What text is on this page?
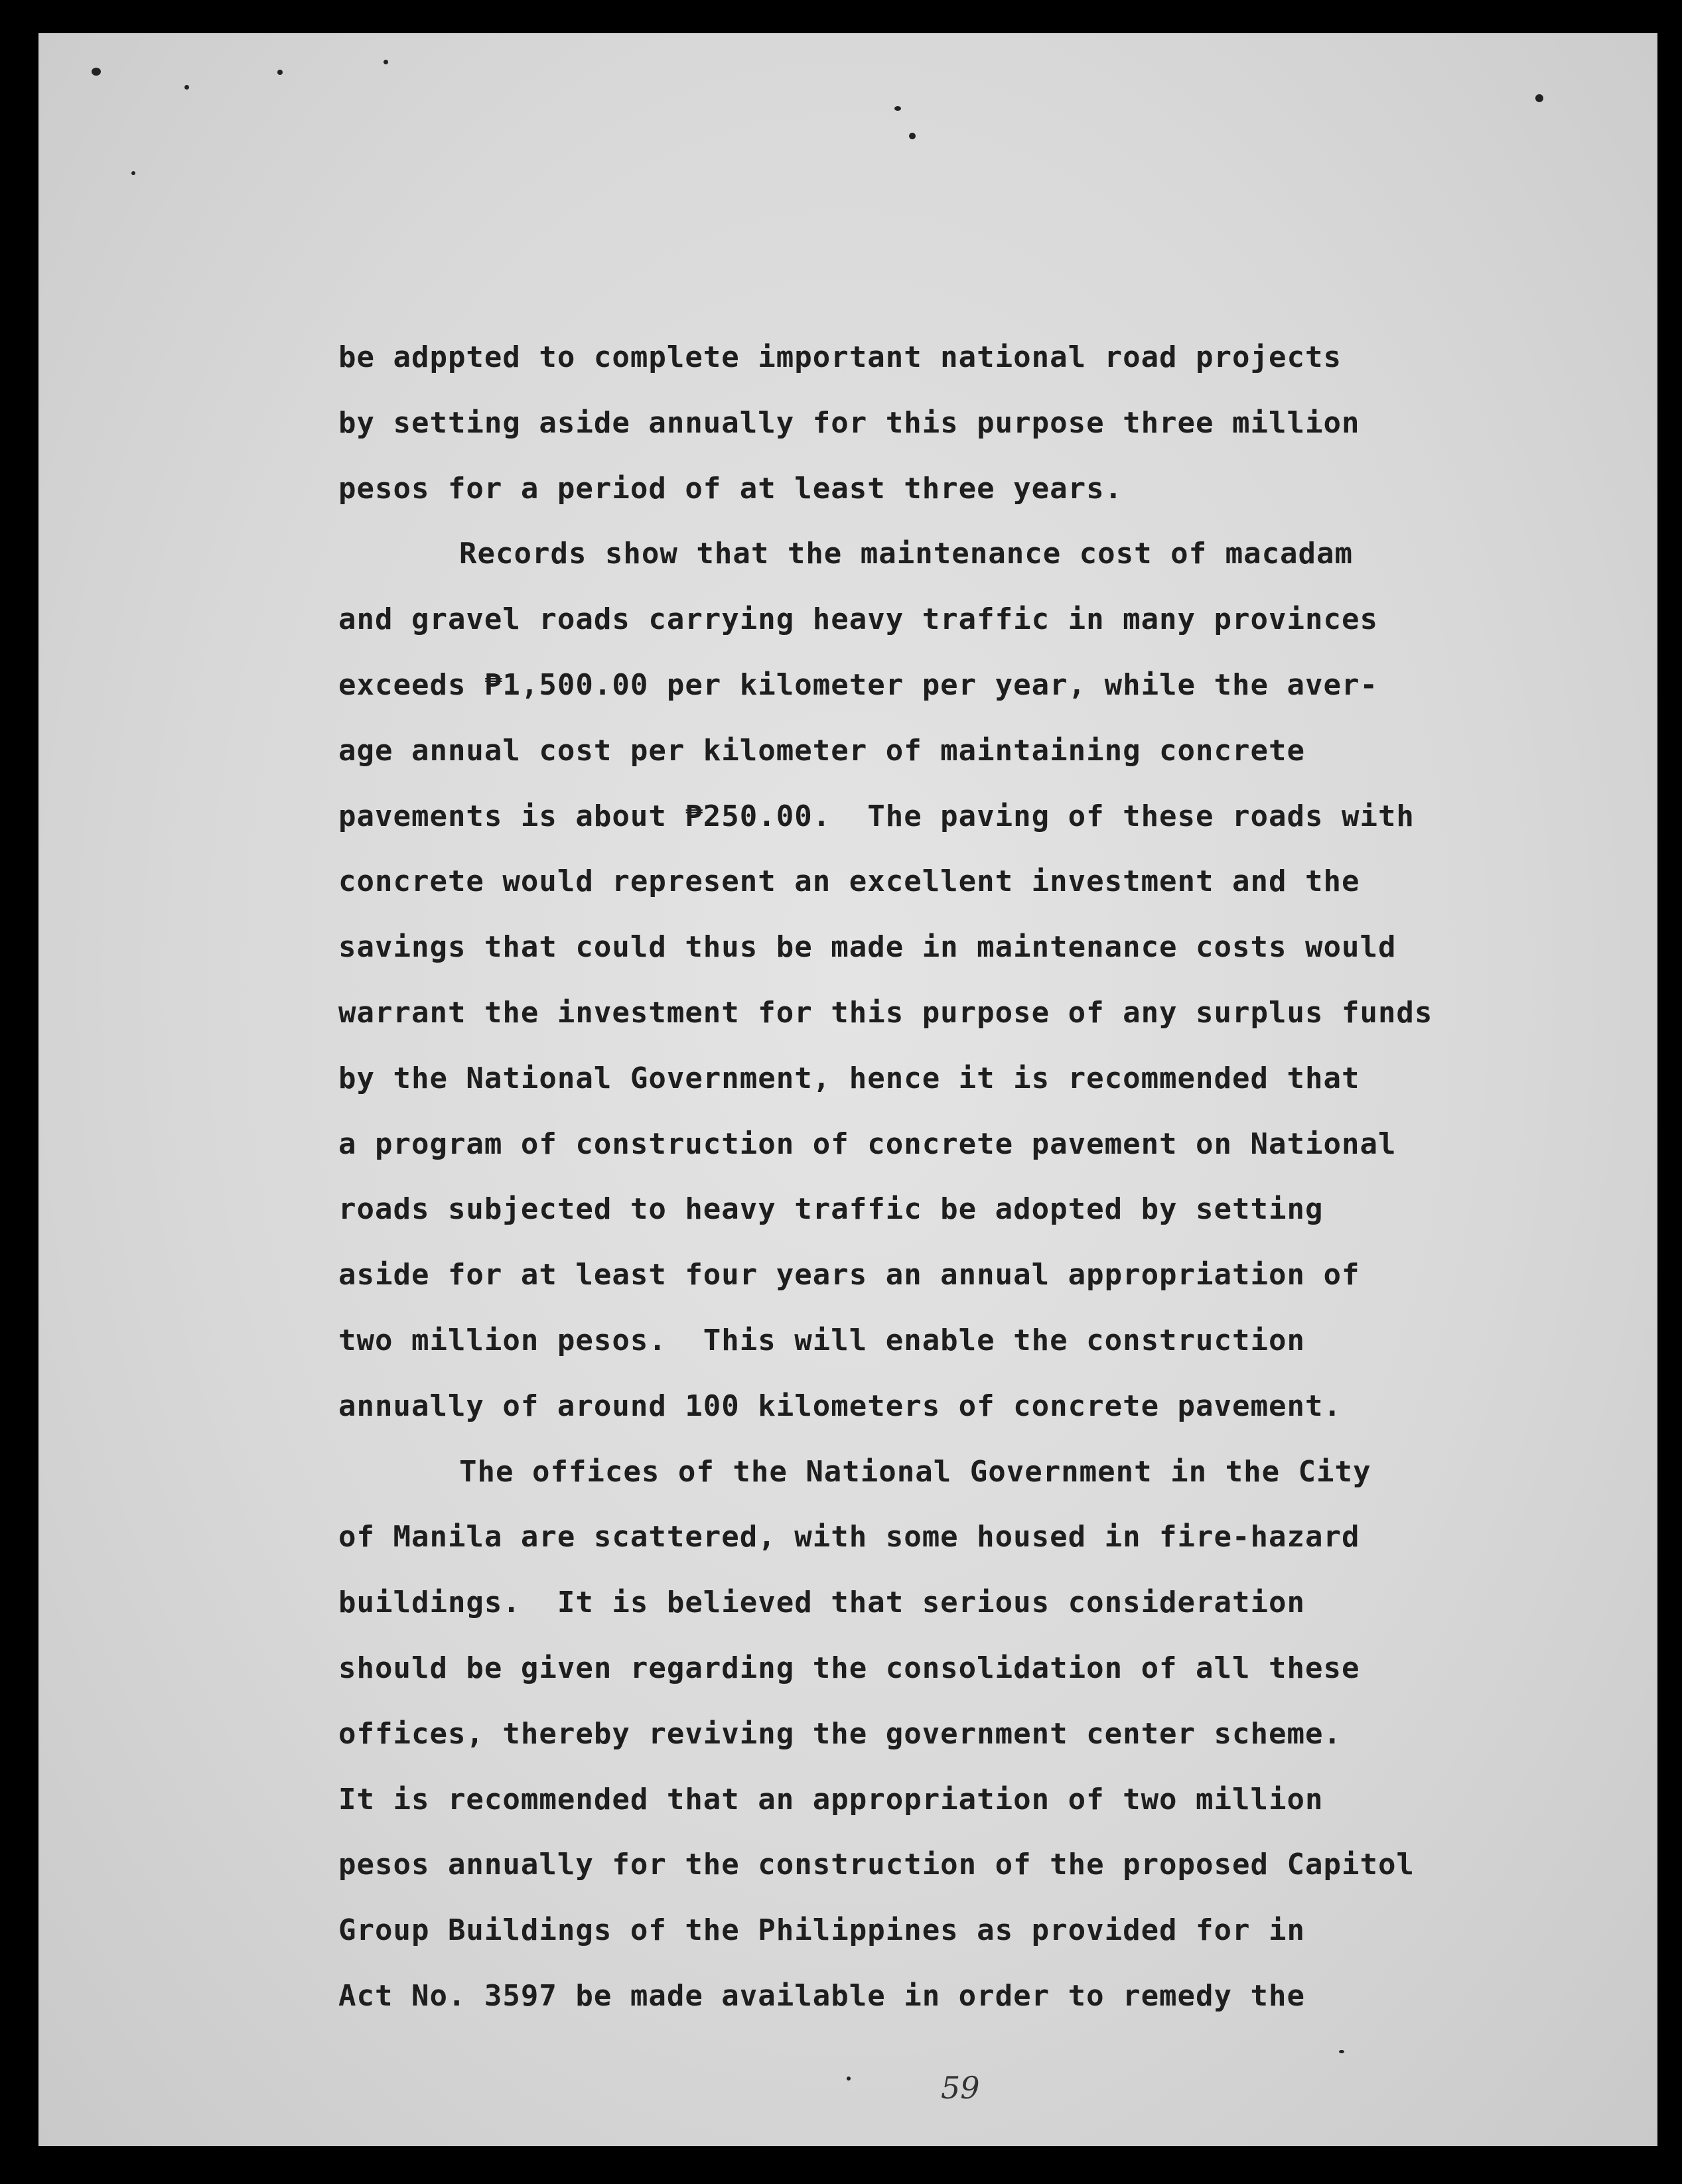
be adppted to complete important national road projects
by setting aside annually for this purpose three million
pesos for a period of at least three years.
Records show that the maintenance cost of macadam
and gravel roads carrying heavy traffic in many provinces
exceeds ₱1,500.00 per kilometer per year, while the aver-
age annual cost per kilometer of maintaining concrete
pavements is about ₱250.00.  The paving of these roads with
concrete would represent an excellent investment and the
savings that could thus be made in maintenance costs would
warrant the investment for this purpose of any surplus funds
by the National Government, hence it is recommended that
a program of construction of concrete pavement on National
roads subjected to heavy traffic be adopted by setting
aside for at least four years an annual appropriation of
two million pesos.  This will enable the construction
annually of around 100 kilometers of concrete pavement.
The offices of the National Government in the City
of Manila are scattered, with some housed in fire-hazard
buildings.  It is believed that serious consideration
should be given regarding the consolidation of all these
offices, thereby reviving the government center scheme.
It is recommended that an appropriation of two million
pesos annually for the construction of the proposed Capitol
Group Buildings of the Philippines as provided for in
Act No. 3597 be made available in order to remedy the
59
